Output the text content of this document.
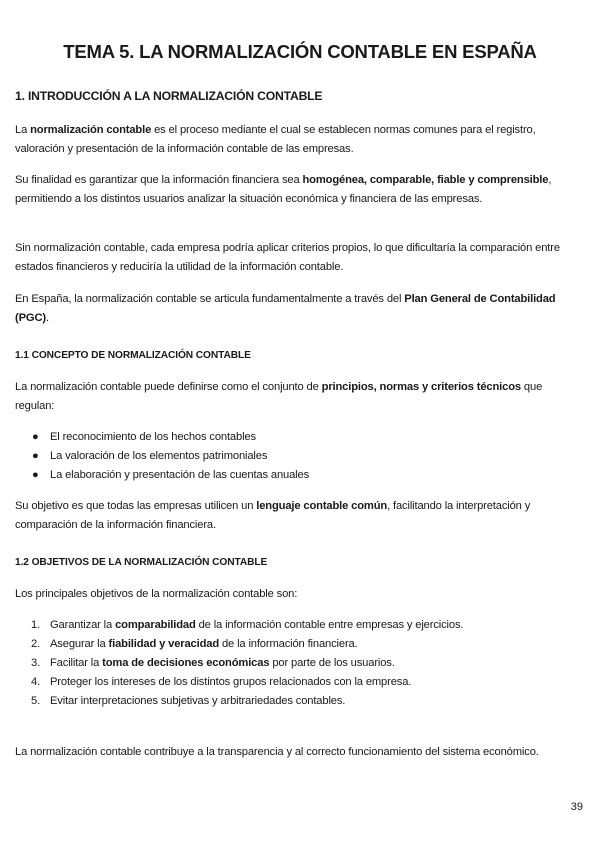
TEMA 5. LA NORMALIZACIÓN CONTABLE EN ESPAÑA
1. INTRODUCCIÓN A LA NORMALIZACIÓN CONTABLE

La normalización contable es el proceso mediante el cual se establecen normas comunes para el registro, valoración y presentación de la información contable de las empresas.

Su finalidad es garantizar que la información financiera sea homogénea, comparable, fiable y comprensible, permitiendo a los distintos usuarios analizar la situación económica y financiera de las empresas.

Sin normalización contable, cada empresa podría aplicar criterios propios, lo que dificultaría la comparación entre estados financieros y reduciría la utilidad de la información contable.

En España, la normalización contable se articula fundamentalmente a través del Plan General de Contabilidad (PGC).

1.1 CONCEPTO DE NORMALIZACIÓN CONTABLE

La normalización contable puede definirse como el conjunto de principios, normas y criterios técnicos que regulan:

● El reconocimiento de los hechos contables
● La valoración de los elementos patrimoniales
● La elaboración y presentación de las cuentas anuales

Su objetivo es que todas las empresas utilicen un lenguaje contable común, facilitando la interpretación y comparación de la información financiera.

1.2 OBJETIVOS DE LA NORMALIZACIÓN CONTABLE

Los principales objetivos de la normalización contable son:

1. Garantizar la comparabilidad de la información contable entre empresas y ejercicios.
2. Asegurar la fiabilidad y veracidad de la información financiera.
3. Facilitar la toma de decisiones económicas por parte de los usuarios.
4. Proteger los intereses de los distintos grupos relacionados con la empresa.
5. Evitar interpretaciones subjetivas y arbitrariedades contables.

La normalización contable contribuye a la transparencia y al correcto funcionamiento del sistema económico.

39
